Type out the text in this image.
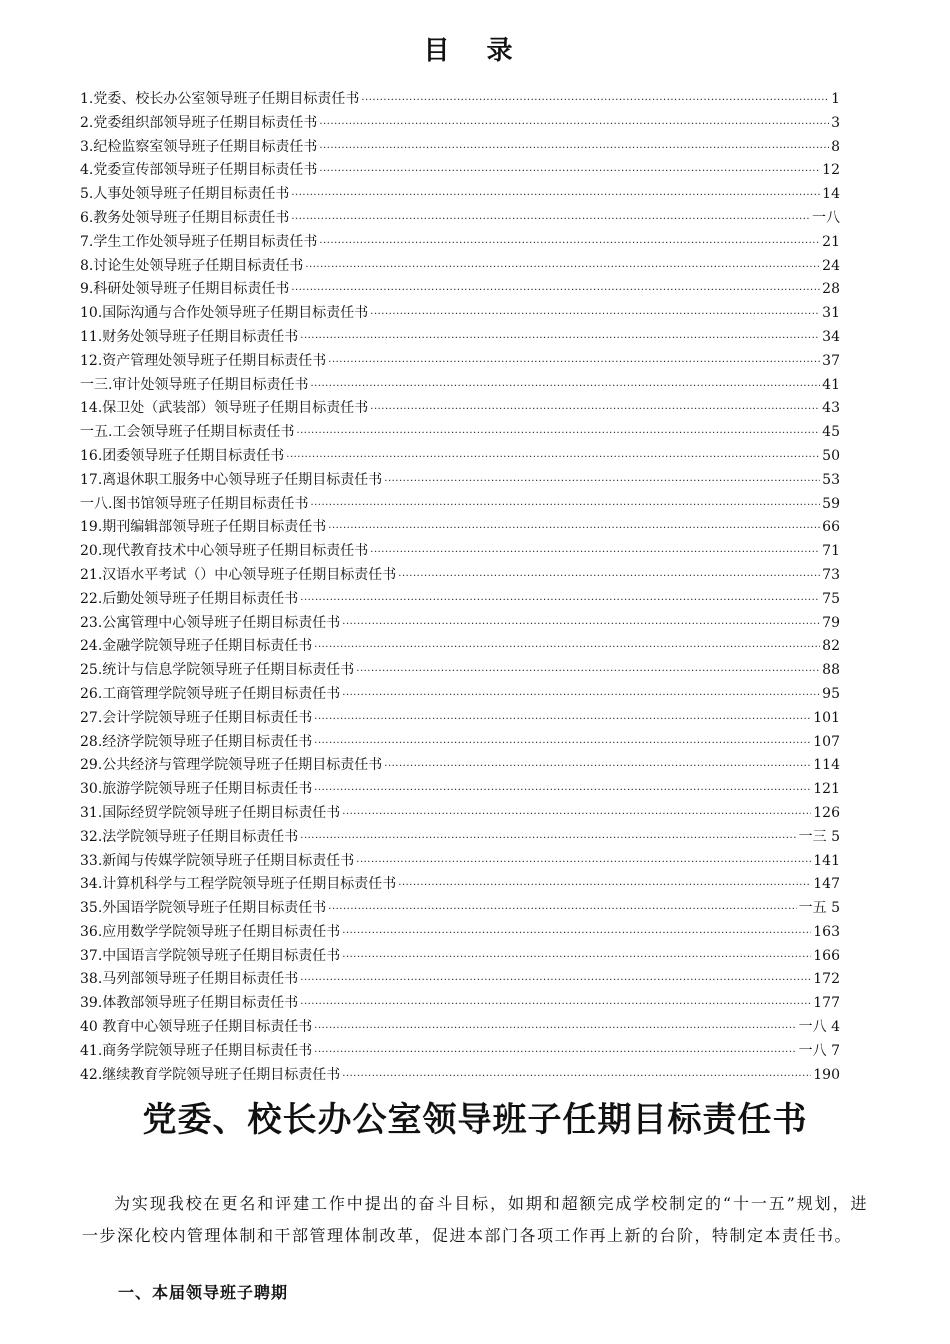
目 录
1.党委、校长办公室领导班子任期目标责任书 ·····	1
2.党委组织部领导班子任期目标责任书 ·····	3
3.纪检监察室领导班子任期目标责任书 ·····	8
4.党委宣传部领导班子任期目标责任书 ·····	12
5.人事处领导班子任期目标责任书 ·····	14
6.教务处领导班子任期目标责任书 ·····	一八
7.学生工作处领导班子任期目标责任书 ·····	21
8.讨论生处领导班子任期目标责任书 ·····	24
9.科研处领导班子任期目标责任书 ·····	28
10.国际沟通与合作处领导班子任期目标责任书 ·····	31
11.财务处领导班子任期目标责任书 ·····	34
12.资产管理处领导班子任期目标责任书 ·····	37
一三.审计处领导班子任期目标责任书 ·····	41
14.保卫处（武装部）领导班子任期目标责任书 ·····	43
一五.工会领导班子任期目标责任书 ·····	45
16.团委领导班子任期目标责任书 ·····	50
17.离退休职工服务中心领导班子任期目标责任书 ·····	53
一八.图书馆领导班子任期目标责任书 ·····	59
19.期刊编辑部领导班子任期目标责任书 ·····	66
20.现代教育技术中心领导班子任期目标责任书 ·····	71
21.汉语水平考试（）中心领导班子任期目标责任书 ·····	73
22.后勤处领导班子任期目标责任书 ·····	75
23.公寓管理中心领导班子任期目标责任书 ·····	79
24.金融学院领导班子任期目标责任书 ·····	82
25.统计与信息学院领导班子任期目标责任书 ·····	88
26.工商管理学院领导班子任期目标责任书 ·····	95
27.会计学院领导班子任期目标责任书 ·····	101
28.经济学院领导班子任期目标责任书 ·····	107
29.公共经济与管理学院领导班子任期目标责任书 ·····	114
30.旅游学院领导班子任期目标责任书 ·····	121
31.国际经贸学院领导班子任期目标责任书 ·····	126
32.法学院领导班子任期目标责任书 ·····	一三 5
33.新闻与传媒学院领导班子任期目标责任书 ·····	141
34.计算机科学与工程学院领导班子任期目标责任书 ·····	147
35.外国语学院领导班子任期目标责任书 ·····	一五 5
36.应用数学学院领导班子任期目标责任书 ·····	163
37.中国语言学院领导班子任期目标责任书 ·····	166
38.马列部领导班子任期目标责任书 ·····	172
39.体教部领导班子任期目标责任书 ·····	177
40 教育中心领导班子任期目标责任书 ·····	一八 4
41.商务学院领导班子任期目标责任书 ·····	一八 7
42.继续教育学院领导班子任期目标责任书 ·····	190
党委、校长办公室领导班子任期目标责任书

为实现我校在更名和评建工作中提出的奋斗目标，如期和超额完成学校制定的“十一五”规划，进一步深化校内管理体制和干部管理体制改革，促进本部门各项工作再上新的台阶，特制定本责任书。

一、本届领导班子聘期
